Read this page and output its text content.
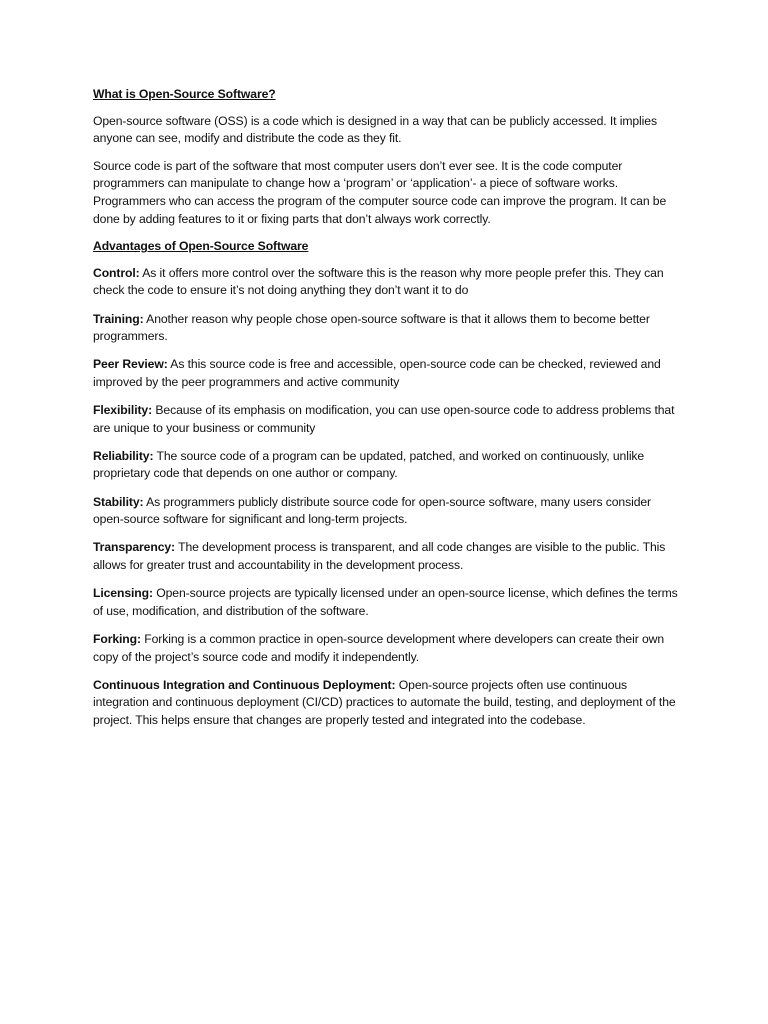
What is Open-Source Software?

Open-source software (OSS) is a code which is designed in a way that can be publicly accessed. It implies anyone can see, modify and distribute the code as they fit.

Source code is part of the software that most computer users don’t ever see. It is the code computer programmers can manipulate to change how a ‘program’ or ‘application’- a piece of software works. Programmers who can access the program of the computer source code can improve the program. It can be done by adding features to it or fixing parts that don’t always work correctly.

Advantages of Open-Source Software

Control: As it offers more control over the software this is the reason why more people prefer this. They can check the code to ensure it’s not doing anything they don’t want it to do

Training: Another reason why people chose open-source software is that it allows them to become better programmers.

Peer Review: As this source code is free and accessible, open-source code can be checked, reviewed and improved by the peer programmers and active community

Flexibility: Because of its emphasis on modification, you can use open-source code to address problems that are unique to your business or community

Reliability: The source code of a program can be updated, patched, and worked on continuously, unlike proprietary code that depends on one author or company.

Stability: As programmers publicly distribute source code for open-source software, many users consider open-source software for significant and long-term projects.

Transparency: The development process is transparent, and all code changes are visible to the public. This allows for greater trust and accountability in the development process.

Licensing: Open-source projects are typically licensed under an open-source license, which defines the terms of use, modification, and distribution of the software.

Forking: Forking is a common practice in open-source development where developers can create their own copy of the project’s source code and modify it independently.

Continuous Integration and Continuous Deployment: Open-source projects often use continuous integration and continuous deployment (CI/CD) practices to automate the build, testing, and deployment of the project. This helps ensure that changes are properly tested and integrated into the codebase.
